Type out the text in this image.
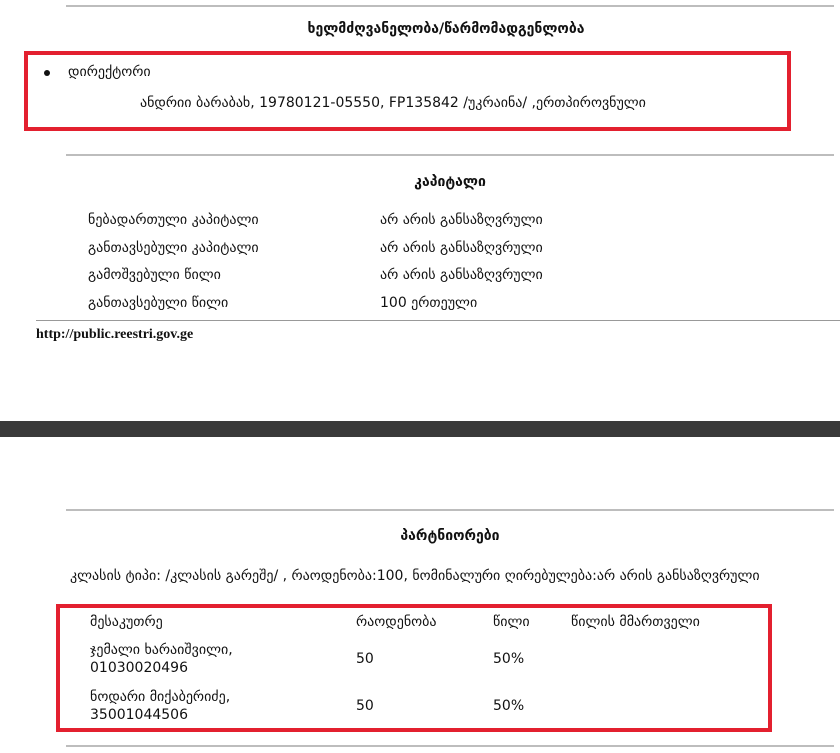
ხელმძღვანელობა/წარმომადგენლობა
დირექტორი
ანდრიი ბარაბახ, 19780121-05550, FP135842 /უკრაინა/ ,ერთპიროვნული
კაპიტალი
ნებადართული კაპიტალი	არ არის განსაზღვრული
განთავსებული კაპიტალი	არ არის განსაზღვრული
გამოშვებული წილი	არ არის განსაზღვრული
განთავსებული წილი	100 ერთეული
http://public.reestri.gov.ge
პარტნიორები
კლასის ტიპი: /კლასის გარეშე/ , რაოდენობა:100, ნომინალური ღირებულება:არ არის განსაზღვრული
მესაკუთრე	რაოდენობა	წილი	წილის მმართველი
ჯემალი ხარაიშვილი,
01030020496
50	50%
ნოდარი მიქაბერიძე,
35001044506
50	50%
